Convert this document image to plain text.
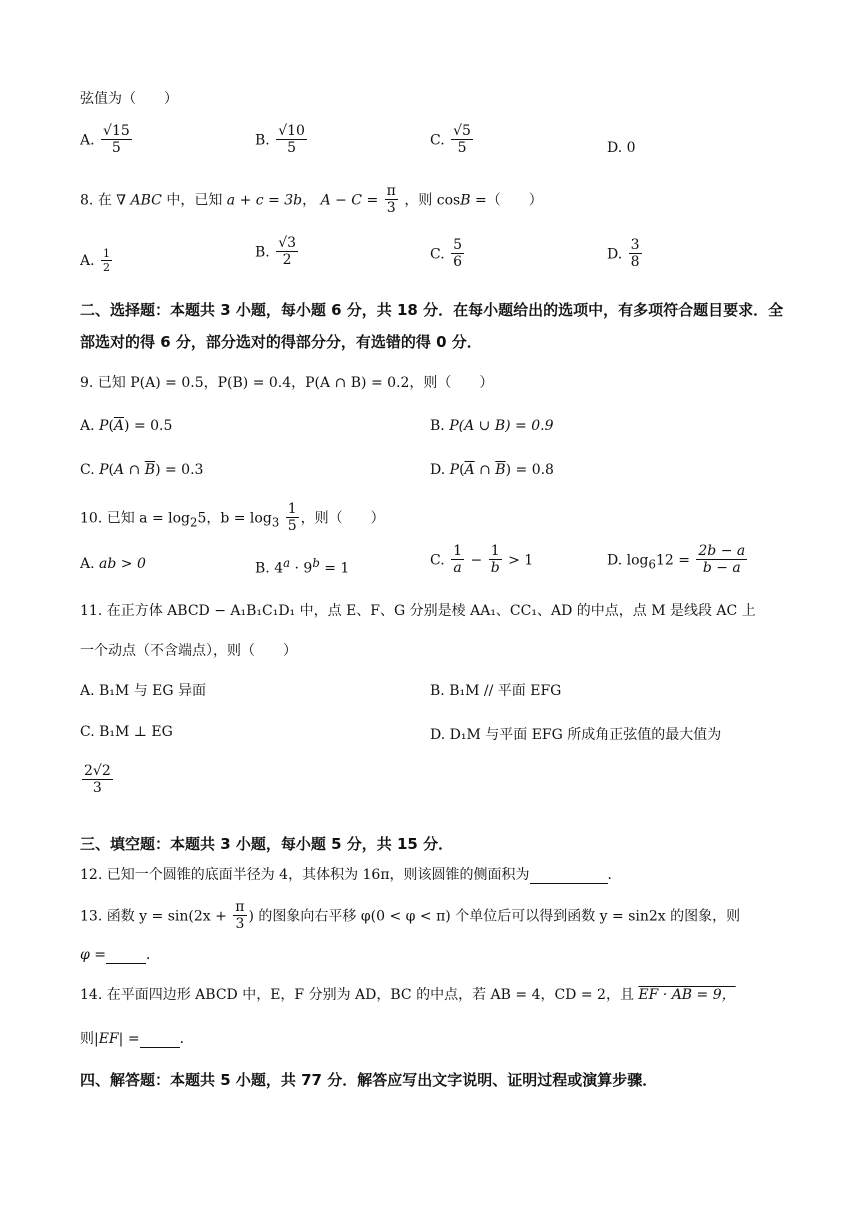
弦值为（　　）
A. $\frac{√15}{5}$	B. $\frac{√10}{5}$	C. $\frac{√5}{5}$	D. 0
8. 在 ∇ ABC 中，已知 a + c = 3b， $A - C = \frac{\pi}{3}$ ，则 cosB =（　　）
A. $\frac{1}{2}$	B. $\frac{√3}{2}$	C. $\frac{5}{6}$	D. $\frac{3}{8}$
二、选择题：本题共 3 小题，每小题 6 分，共 18 分．在每小题给出的选项中，有多项符合题目要求．全部选对的得 6 分，部分选对的得部分分，有选错的得 0 分．
9. 已知 P(A) = 0.5，P(B) = 0.4，P(A ∩ B) = 0.2，则（　　）
A. $P(\overline{A}) = 0.5$	B. P(A ∪ B) = 0.9
C. P(A ∩ $\overline{B}) = 0.3$	D. $P(\overline{A}$ ∩ $\overline{B}) = 0.8$
10. 已知 $a = \log_25$，$b = \log_3 \frac{1}{5}$ ，则（　　）
A. ab > 0	B. $4^a \cdot 9^b = 1$
C. $\frac{1}{a} - \frac{1}{b} > 1$	D. $\log_612 = \frac{2b - a}{b - a}$
11. 在正方体 ABCD − A₁B₁C₁D₁ 中，点 E、F、G 分别是棱 AA₁、CC₁、AD 的中点，点 M 是线段 AC 上
一个动点（不含端点），则（　　）
A. B₁M 与 EG 异面	B. B₁M // 平面 EFG
C. B₁M ⊥ EG	D. D₁M 与平面 EFG 所成角正弦值的最大值为
$\frac{2√2}{3}$
三、填空题：本题共 3 小题，每小题 5 分，共 15 分．
12. 已知一个圆锥的底面半径为 4，其体积为 16π，则该圆锥的侧面积为	．
13. 函数 $y = \sin(2x + \frac{\pi}{3}$ ) 的图象向右平移 φ(0 < φ < π) 个单位后可以得到函数 y = sin2x 的图象，则
φ =	．
14. 在平面四边形 ABCD 中，E，F 分别为 AD，BC 的中点，若 AB = 4，CD = 2，且 EF · AB = 9，
则|EF| =	．
四、解答题：本题共 5 小题，共 77 分．解答应写出文字说明、证明过程或演算步骤．
